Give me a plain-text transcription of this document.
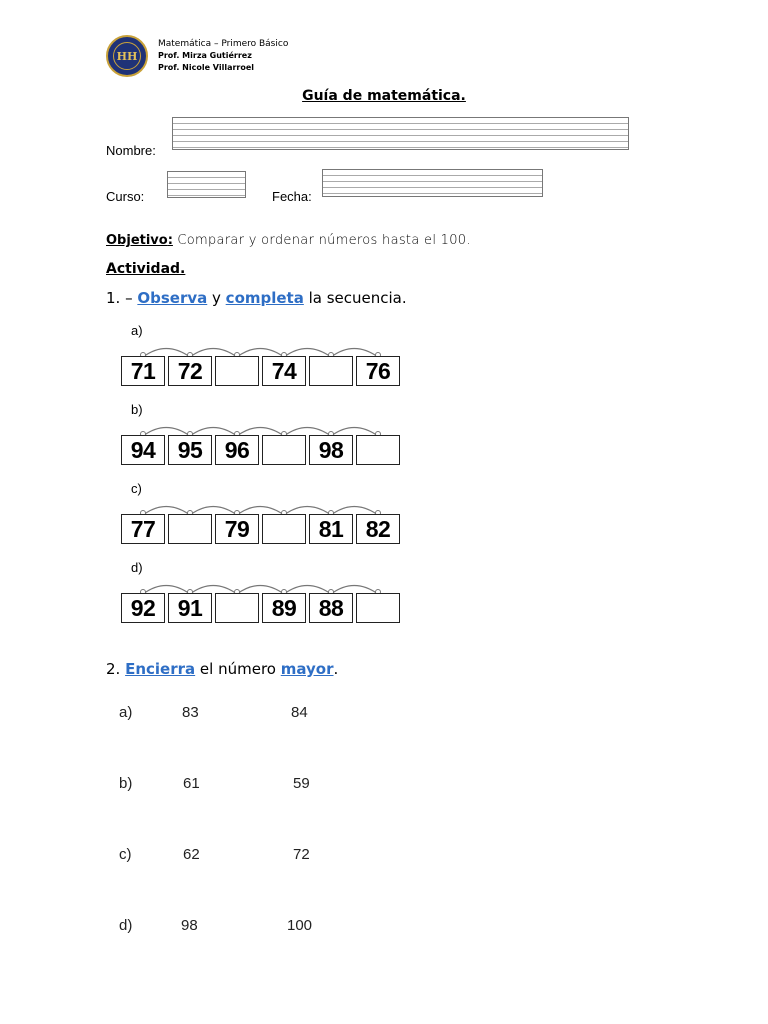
HH
Matemática – Primero Básico
Prof. Mirza Gutiérrez
Prof. Nicole Villarroel
Guía de matemática.
Nombre:
Curso:	Fecha:
Objetivo: Comparar y ordenar números hasta el 100.
Actividad.
1. – Observa y completa la secuencia.
a)
71 72	74	76
b)
94 95 96	98
c)
77	79	81 82
d)
92 91	89 88
2. Encierra el número mayor.
a)	83	84
b)	61	59
c)	62	72
d)	98	100
